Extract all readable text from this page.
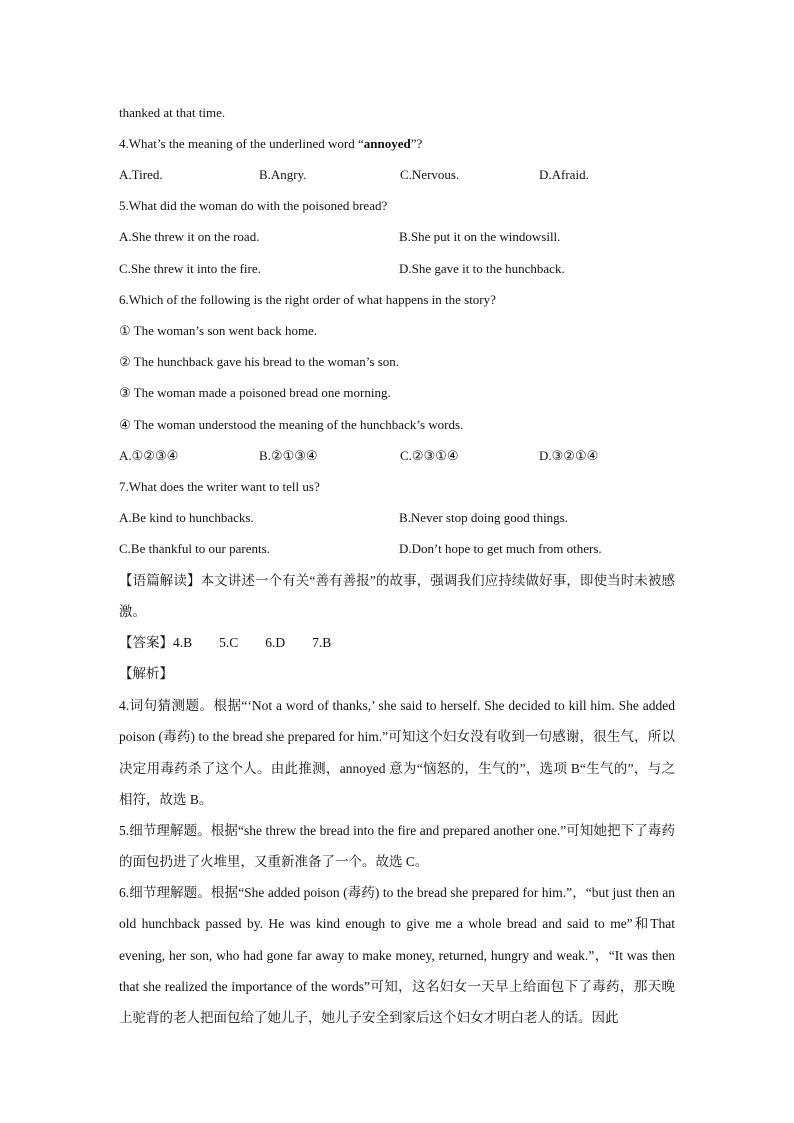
thanked at that time.
4.What’s the meaning of the underlined word “annoyed”?
A.Tired.	B.Angry.	C.Nervous.	D.Afraid.
5.What did the woman do with the poisoned bread?
A.She threw it on the road.	B.She put it on the windowsill.
C.She threw it into the fire.	D.She gave it to the hunchback.
6.Which of the following is the right order of what happens in the story?
① The woman’s son went back home.
② The hunchback gave his bread to the woman’s son.
③ The woman made a poisoned bread one morning.
④ The woman understood the meaning of the hunchback’s words.
A.①②③④	B.②①③④	C.②③①④	D.③②①④
7.What does the writer want to tell us?
A.Be kind to hunchbacks.	B.Never stop doing good things.
C.Be thankful to our parents.	D.Don’t hope to get much from others.
【语篇解读】本文讲述一个有关“善有善报”的故事，强调我们应持续做好事，即使当时未被感激。
【答案】4.B　　5.C　　6.D　　7.B
【解析】
4.词句猜测题。根据“‘Not a word of thanks,’ she said to herself. She decided to kill him. She added poison (毒药) to the bread she prepared for him.”可知这个妇女没有收到一句感谢，很生气，所以决定用毒药杀了这个人。由此推测，annoyed 意为“恼怒的，生气的”，选项 B“生气的”，与之相符，故选 B。
5.细节理解题。根据“she threw the bread into the fire and prepared another one.”可知她把下了毒药的面包扔进了火堆里，又重新准备了一个。故选 C。
6.细节理解题。根据“She added poison (毒药) to the bread she prepared for him.”，“but just then an old hunchback passed by. He was kind enough to give me a whole bread and said to me”和That evening, her son, who had gone far away to make money, returned, hungry and weak.”，“It was then that she realized the importance of the words”可知，这名妇女一天早上给面包下了毒药，那天晚上驼背的老人把面包给了她儿子，她儿子安全到家后这个妇女才明白老人的话。因此
